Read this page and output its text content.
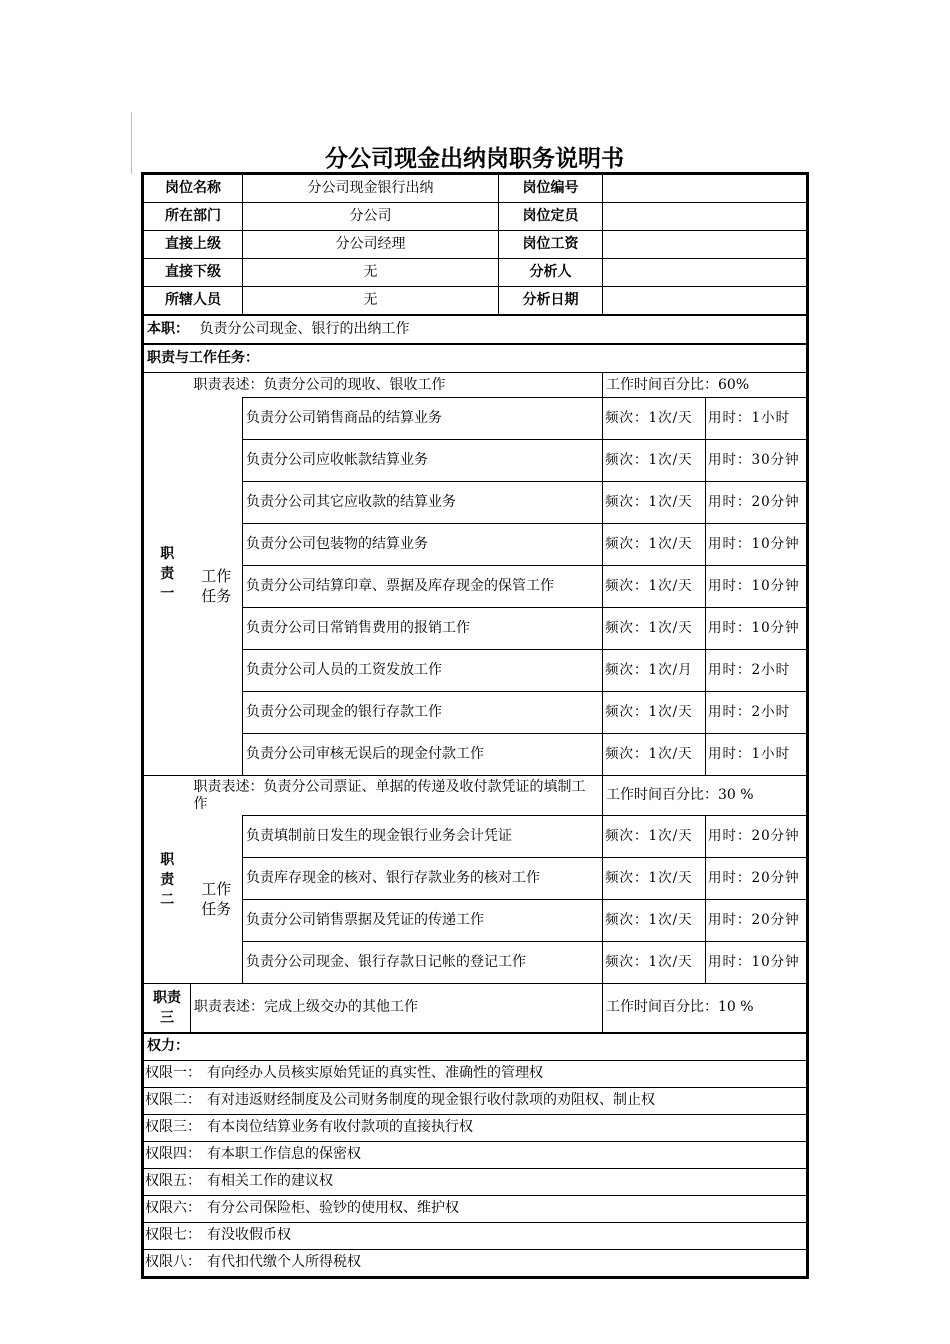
分公司现金出纳岗职务说明书
岗位名称		分公司现金银行出纳	岗位编号		
所在部门		分公司	岗位定员		
直接上级		分公司经理	岗位工资		
直接下级		无	分析人		
所辖人员		无	分析日期		
本职： 负责分公司现金、银行的出纳工作					
职责与工作任务：					
职责一	职责表述：负责分公司的现收、银收工作			工作时间百分比：60%	
	工作任务	负责分公司销售商品的结算业务		频次：1次/天	用时：1小时
		负责分公司应收帐款结算业务		频次：1次/天	用时：30分钟
		负责分公司其它应收款的结算业务		频次：1次/天	用时：20分钟
		负责分公司包装物的结算业务		频次：1次/天	用时：10分钟
		负责分公司结算印章、票据及库存现金的保管工作		频次：1次/天	用时：10分钟
		负责分公司日常销售费用的报销工作		频次：1次/天	用时：10分钟
		负责分公司人员的工资发放工作		频次：1次/月	用时：2小时
		负责分公司现金的银行存款工作		频次：1次/天	用时：2小时
		负责分公司审核无误后的现金付款工作		频次：1次/天	用时：1小时
职责二	职责表述：负责分公司票证、单据的传递及收付款凭证的填制工作			工作时间百分比：30 %	
	工作任务	负责填制前日发生的现金银行业务会计凭证		频次：1次/天	用时：20分钟
		负责库存现金的核对、银行存款业务的核对工作		频次：1次/天	用时：20分钟
		负责分公司销售票据及凭证的传递工作		频次：1次/天	用时：20分钟
		负责分公司现金、银行存款日记帐的登记工作		频次：1次/天	用时：10分钟
职责三	职责表述：完成上级交办的其他工作			工作时间百分比：10 %	
权力：					
权限一： 有向经办人员核实原始凭证的真实性、准确性的管理权					
权限二： 有对违返财经制度及公司财务制度的现金银行收付款项的劝阻权、制止权					
权限三： 有本岗位结算业务有收付款项的直接执行权					
权限四： 有本职工作信息的保密权					
权限五： 有相关工作的建议权					
权限六： 有分公司保险柜、验钞的使用权、维护权					
权限七： 有没收假币权					
权限八： 有代扣代缴个人所得税权					
